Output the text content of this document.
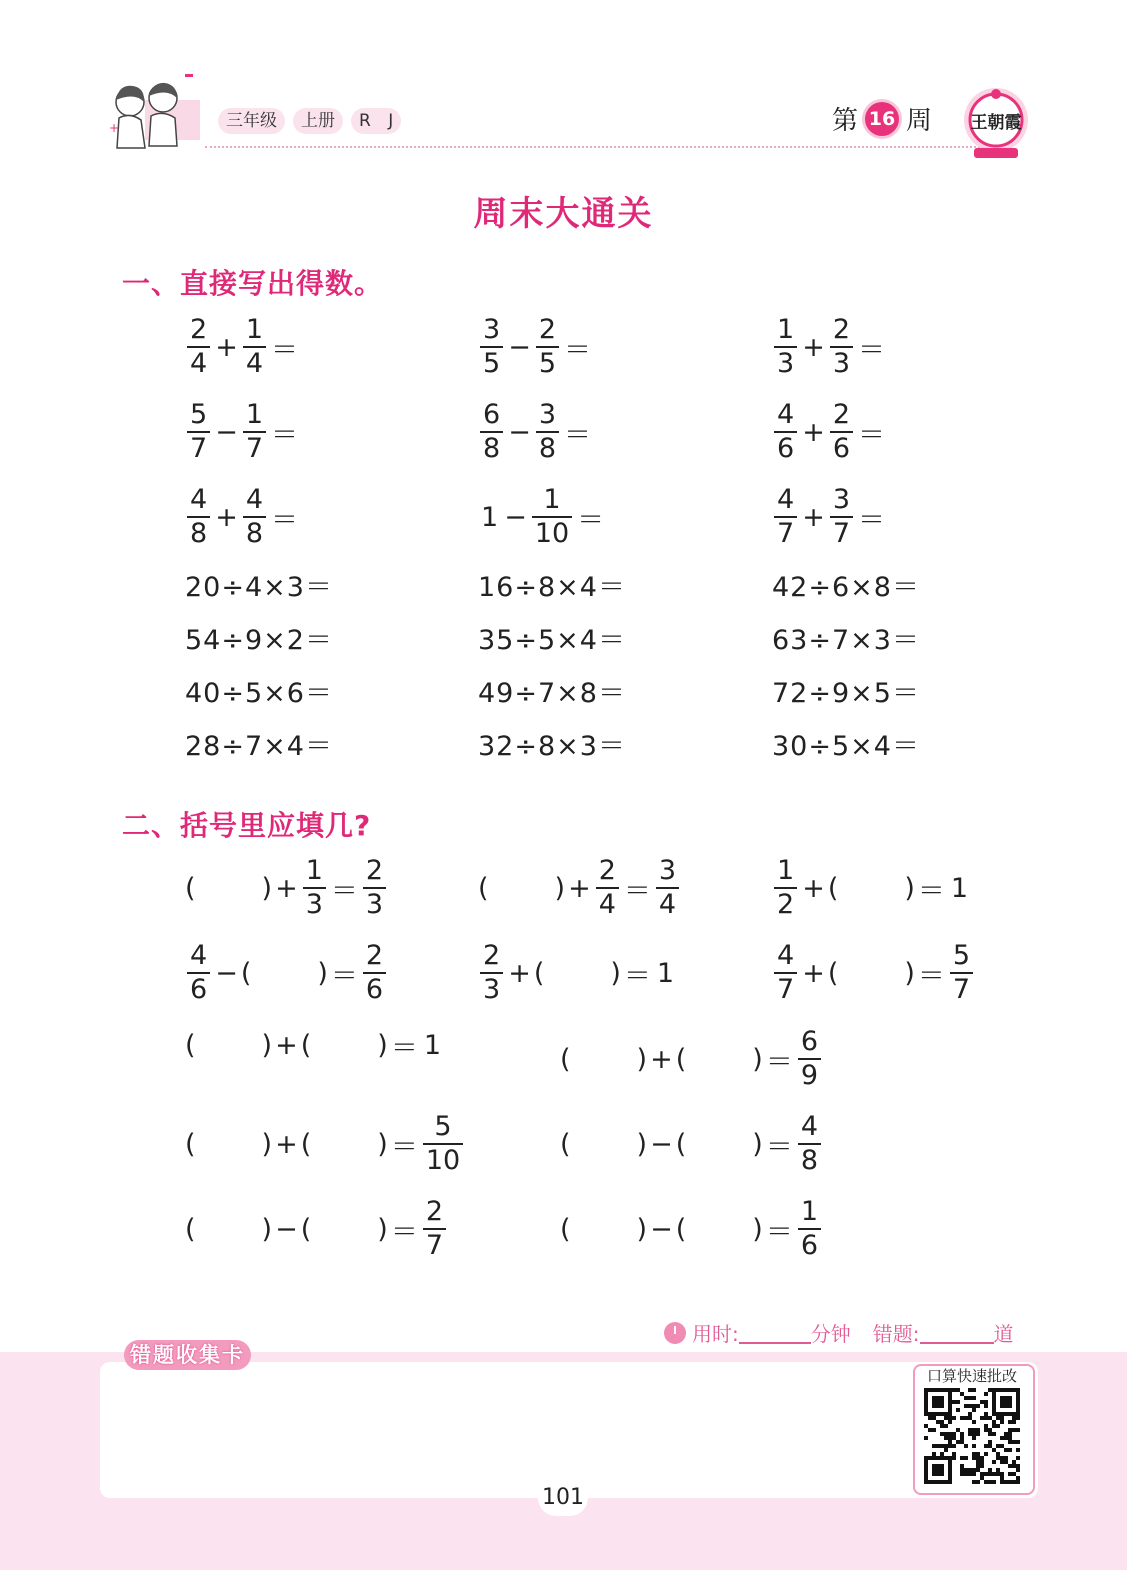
+	三年级	上册	R J	第 16 周 王朝霞
周末大通关
一、直接写出得数。
$\frac{2}{4} + \frac{1}{4}$ ＝	$\frac{3}{5} - \frac{2}{5}$ ＝	$\frac{1}{3} + \frac{2}{3}$ ＝
$\frac{5}{7} - \frac{1}{7}$ ＝	$\frac{6}{8} - \frac{3}{8}$ ＝	$\frac{4}{6} + \frac{2}{6}$ ＝
$\frac{4}{8} + \frac{4}{8}$ ＝	$1 - \frac{1}{10}$ ＝	$\frac{4}{7} + \frac{3}{7}$ ＝
20÷4×3＝	16÷8×4＝	42÷6×8＝
54÷9×2＝	35÷5×4＝	63÷7×3＝
40÷5×6＝	49÷7×8＝	72÷9×5＝
28÷7×4＝	32÷8×3＝	30÷5×4＝
二、括号里应填几?
( ) + $\frac{1}{3} = \frac{2}{3}$	( ) + $\frac{2}{4} = \frac{3}{4}$	$\frac{1}{2}$ + ( ) ＝ 1
$\frac{4}{6}$ − ( ) ＝ $\frac{2}{6}$	$\frac{2}{3}$ + ( ) ＝ 1	$\frac{4}{7}$ + ( ) ＝ $\frac{5}{7}$
( ) + ( ) ＝ 1	( ) + ( ) ＝ $\frac{6}{9}$
( ) + ( ) ＝ $\frac{5}{10}$	( ) − ( ) ＝ $\frac{4}{8}$
( ) − ( ) ＝ $\frac{2}{7}$	( ) − ( ) ＝ $\frac{1}{6}$
错题收集卡
用时:	分钟 错题:	道
口算快速批改
101
